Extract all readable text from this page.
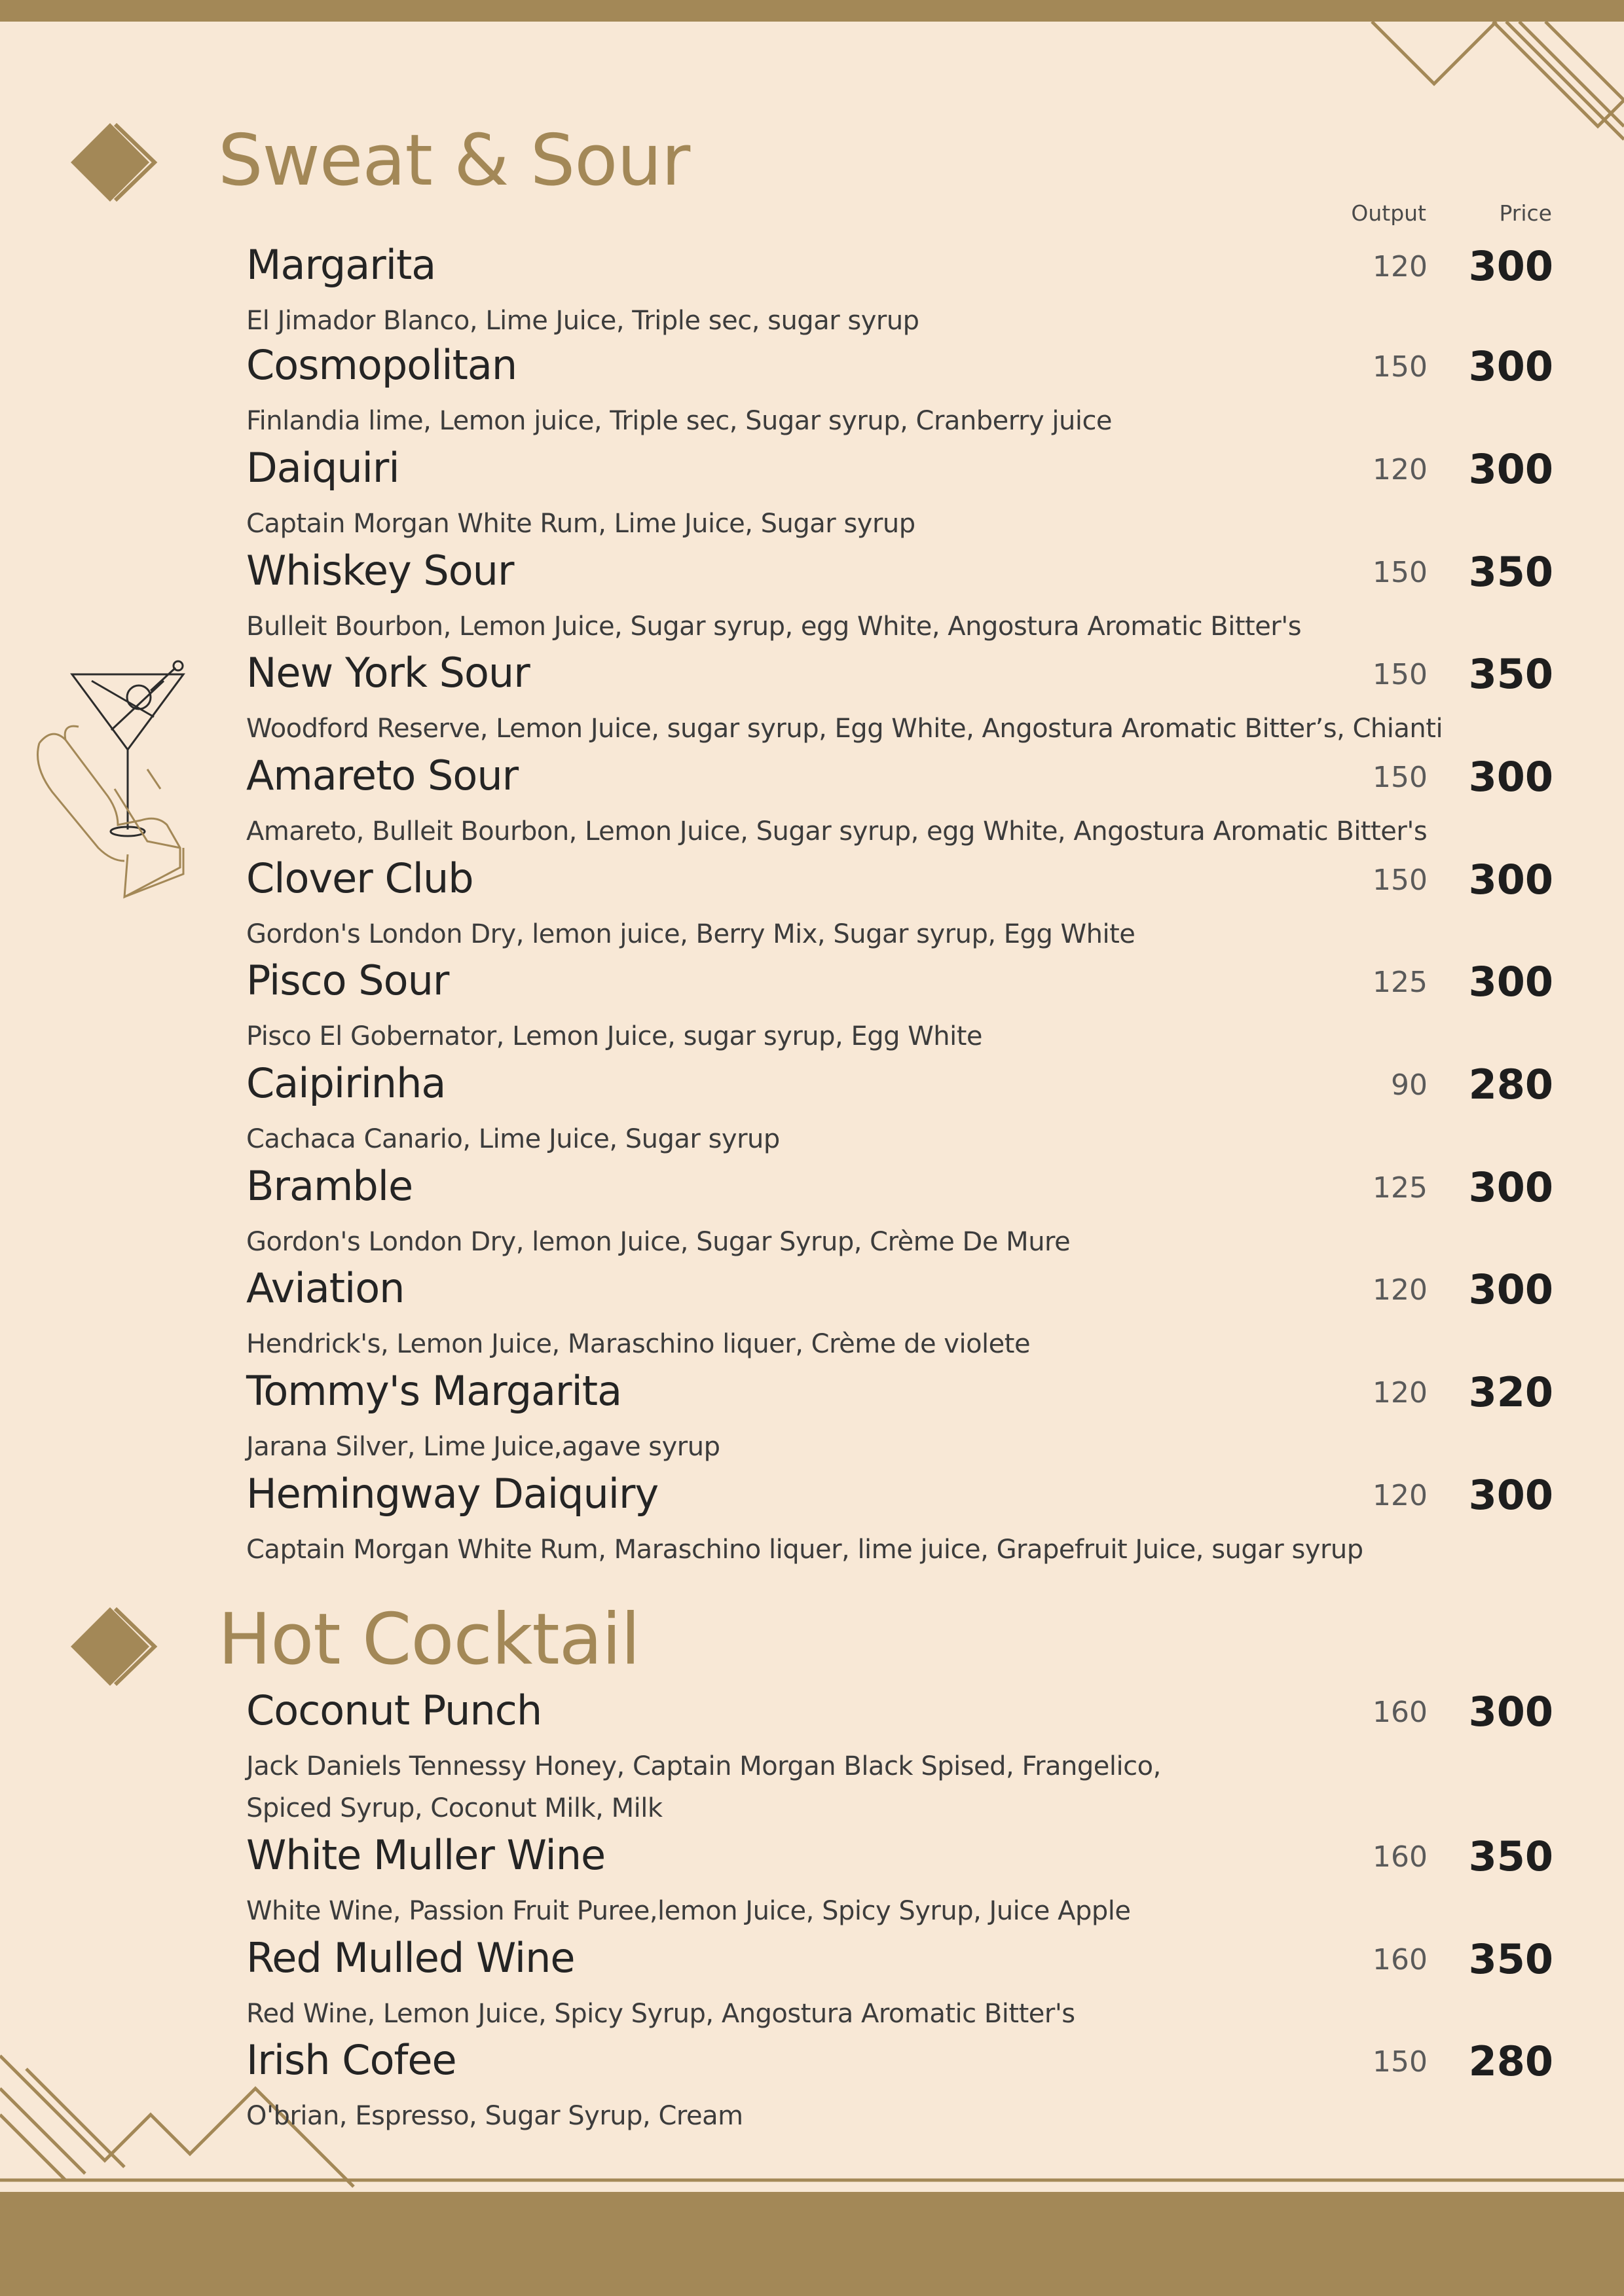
Sweat & Sour
Output	Price
Margarita
El Jimador Blanco, Lime Juice, Triple sec, sugar syrup
120 300
Cosmopolitan
Finlandia lime, Lemon juice, Triple sec, Sugar syrup, Cranberry juice
150 300
Daiquiri
Captain Morgan White Rum, Lime Juice, Sugar syrup
120 300
Whiskey Sour
Bulleit Bourbon, Lemon Juice, Sugar syrup, egg White, Angostura Aromatic Bitter's
150 350
New York Sour
Woodford Reserve, Lemon Juice, sugar syrup, Egg White, Angostura Aromatic Bitter’s, Chianti
150 350
Amareto Sour
Amareto, Bulleit Bourbon, Lemon Juice, Sugar syrup, egg White, Angostura Aromatic Bitter's
150 300
Clover Club
Gordon's London Dry, lemon juice, Berry Mix, Sugar syrup, Egg White
150 300
Pisco Sour
Pisco El Gobernator, Lemon Juice, sugar syrup, Egg White
125 300
Caipirinha
Cachaca Canario, Lime Juice, Sugar syrup
90 280
Bramble
Gordon's London Dry, lemon Juice, Sugar Syrup, Crème De Mure
125 300
Aviation
Hendrick's, Lemon Juice, Maraschino liquer, Crème de violete
120 300
Tommy's Margarita
Jarana Silver, Lime Juice,agave syrup
120 320
Hemingway Daiquiry
Captain Morgan White Rum, Maraschino liquer, lime juice, Grapefruit Juice, sugar syrup
120 300
Hot Cocktail
Coconut Punch
Jack Daniels Tennessy Honey, Captain Morgan Black Spised, Frangelico,
Spiced Syrup, Coconut Milk, Milk
160 300
White Muller Wine
White Wine, Passion Fruit Puree,lemon Juice, Spicy Syrup, Juice Apple
160 350
Red Mulled Wine
Red Wine, Lemon Juice, Spicy Syrup, Angostura Aromatic Bitter's
160 350
Irish Cofee
O'brian, Espresso, Sugar Syrup, Cream
150 280
